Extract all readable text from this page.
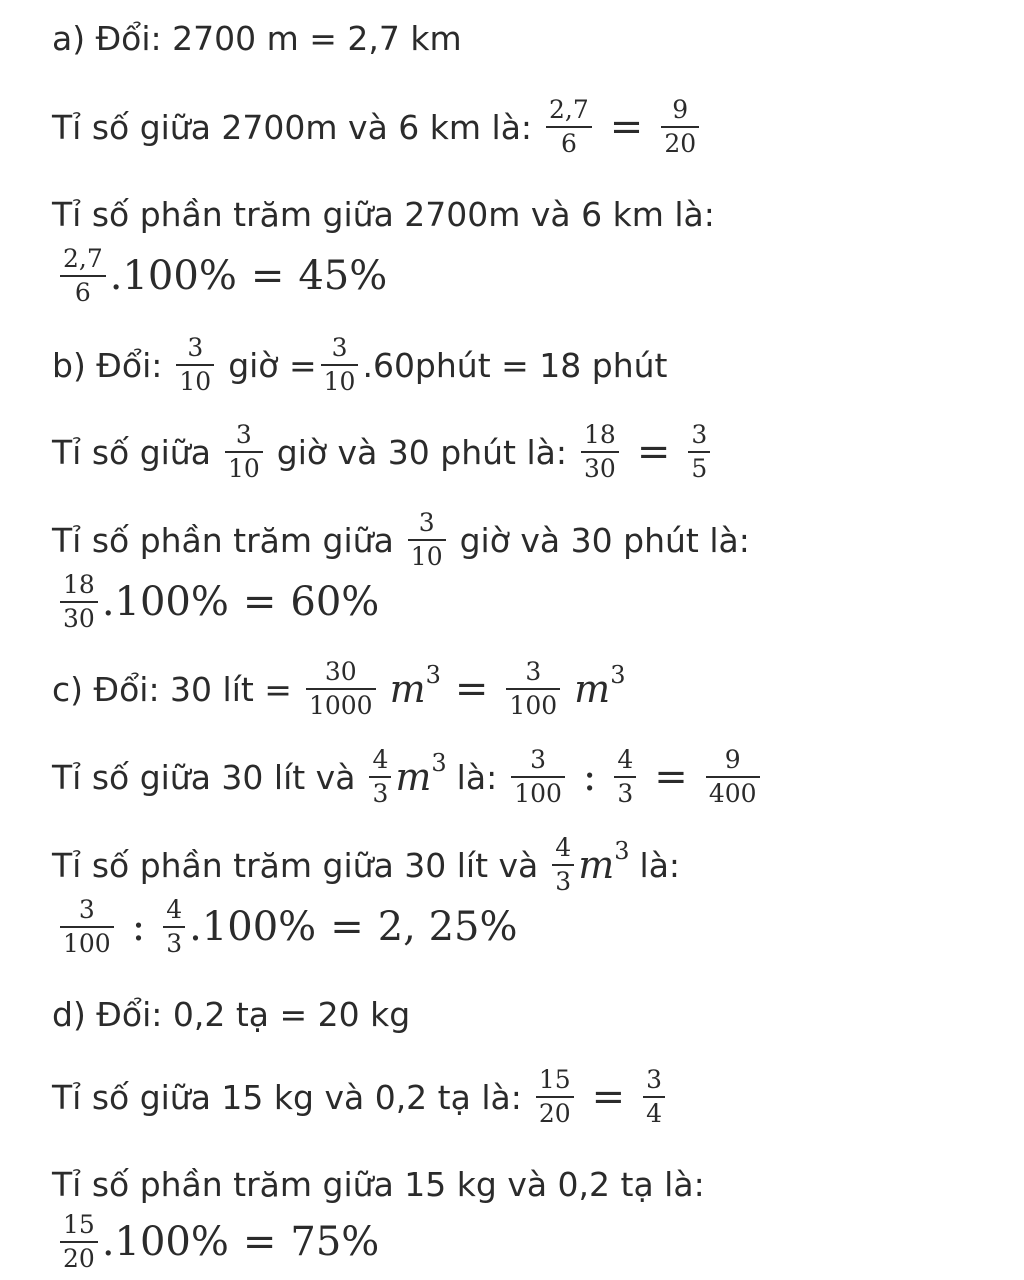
a) Đổi: 2700 m = 2,7 km
Tỉ số giữa 2700m và 6 km là: $\frac{2,7}{6} = \frac{9}{20}$
Tỉ số phần trăm giữa 2700m và 6 km là:
$\frac{2,7}{6} .100\% = 45\%$
b) Đổi: $\frac{3}{10}$ giờ = $\frac{3}{10}$ .60phút = 18 phút
Tỉ số giữa $\frac{3}{10}$ giờ và 30 phút là: $\frac{18}{30} = \frac{3}{5}$
Tỉ số phần trăm giữa $\frac{3}{10}$ giờ và 30 phút là:
$\frac{18}{30} .100\% = 60\%$
c) Đổi: 30 lít = $\frac{30}{1000} m^3 = \frac{3}{100} m^3$
Tỉ số giữa 30 lít và $\frac{4}{3} m^3$ là: $\frac{3}{100}$ : $\frac{4}{3} = \frac{9}{400}$
Tỉ số phần trăm giữa 30 lít và $\frac{4}{3} m^3$ là:
$\frac{3}{100}$ : $\frac{4}{3} .100\% = 2$, 25%
d) Đổi: 0,2 tạ = 20 kg
Tỉ số giữa 15 kg và 0,2 tạ là: $\frac{15}{20} = \frac{3}{4}$
Tỉ số phần trăm giữa 15 kg và 0,2 tạ là:
$\frac{15}{20} .100\% = 75\%$
